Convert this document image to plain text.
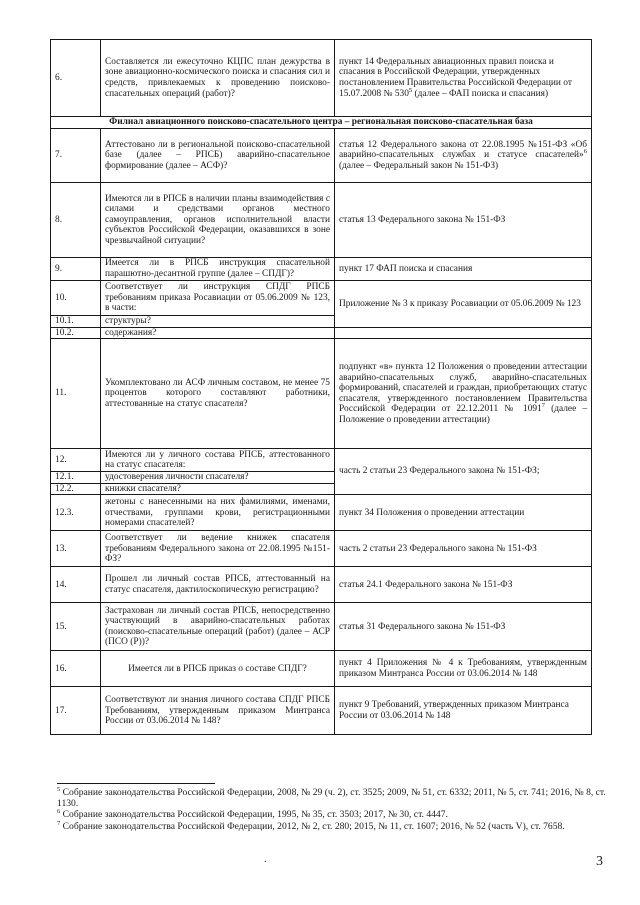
6.	Составляется ли ежесуточно КЦПС план дежурства в зоне авиационно-космического поиска и спасания сил и средств, привлекаемых к проведению поисково-спасательных операций (работ)?	пункт 14 Федеральных авиационных правил поиска и спасания в Российской Федерации, утвержденных постановлением Правительства Российской Федерации от 15.07.2008 № $530^5$ (далее – ФАП поиска и спасания)
Филиал авиационного поисково-спасательного центра – региональная поисково-спасательная база		
7.	Аттестовано ли в региональной поисково-спасательной базе (далее – РПСБ) аварийно-спасательное формирование (далее – АСФ)?	статья 12 Федерального закона от 22.08.1995 №151-ФЗ «Об аварийно-спасательных службах и статусе спасателей»$^6$ (далее – Федеральный закон № 151-ФЗ)
8.	Имеются ли в РПСБ в наличии планы взаимодействия с силами и средствами органов местного самоуправления, органов исполнительной власти субъектов Российской Федерации, оказавшихся в зоне чрезвычайной ситуации?	статья 13 Федерального закона № 151-ФЗ
9.	Имеется ли в РПСБ инструкция спасательной парашютно-десантной группе (далее – СПДГ)?	пункт 17 ФАП поиска и спасания
10.	Соответствует ли инструкция СПДГ РПСБ требованиям приказа Росавиации от 05.06.2009 № 123, в части:	Приложение № 3 к приказу Росавиации от 05.06.2009 № 123
10.1.	структуры?	
10.2.	содержания?	
11.	Укомплектовано ли АСФ личным составом, не менее 75 процентов которого составляют работники, аттестованные на статус спасателя?	подпункт «в» пункта 12 Положения о проведении аттестации аварийно-спасательных служб, аварийно-спасательных формирований, спасателей и граждан, приобретающих статус спасателя, утвержденного постановлением Правительства Российской Федерации от 22.12.2011 № 1091$^7$ (далее – Положение о проведении аттестации)
12.	Имеются ли у личного состава РПСБ, аттестованного на статус спасателя:	часть 2 статьи 23 Федерального закона № 151-ФЗ;
12.1.	удостоверения личности спасателя?	
12.2.	книжки спасателя?	
12.3.	жетоны с нанесенными на них фамилиями, именами, отчествами, группами крови, регистрационными номерами спасателей?	пункт 34 Положения о проведении аттестации
13.	Соответствует ли ведение книжек спасателя требованиям Федерального закона от 22.08.1995 №151-ФЗ?	часть 2 статьи 23 Федерального закона № 151-ФЗ
14.	Прошел ли личный состав РПСБ, аттестованный на статус спасателя, дактилоскопическую регистрацию?	статья 24.1 Федерального закона № 151-ФЗ
15.	Застрахован ли личный состав РПСБ, непосредственно участвующий в аварийно-спасательных работах (поисково-спасательные операций (работ) (далее – АСР (ПСО (Р))?	статья 31 Федерального закона № 151-ФЗ
16.	Имеется ли в РПСБ приказ о составе СПДГ?	пункт 4 Приложения № 4 к Требованиям, утвержденным приказом Минтранса России от 03.06.2014 № 148
17.	Соответствуют ли знания личного состава СПДГ РПСБ Требованиям, утвержденным приказом Минтранса России от 03.06.2014 № 148?	пункт 9 Требований, утвержденных приказом Минтранса России от 03.06.2014 № 148

$^5$ Собрание законодательства Российской Федерации, 2008, № 29 (ч. 2), ст. 3525; 2009, № 51, ст. 6332; 2011, № 5, ст. 741; 2016, № 8, ст. 1130.

$^6$ Собрание законодательства Российской Федерации, 1995, № 35, ст. 3503; 2017, № 30, ст. 4447.

$^7$ Собрание законодательства Российской Федерации, 2012, № 2, ст. 280; 2015, № 11, ст. 1607; 2016, № 52 (часть V), ст. 7658.

.	3
